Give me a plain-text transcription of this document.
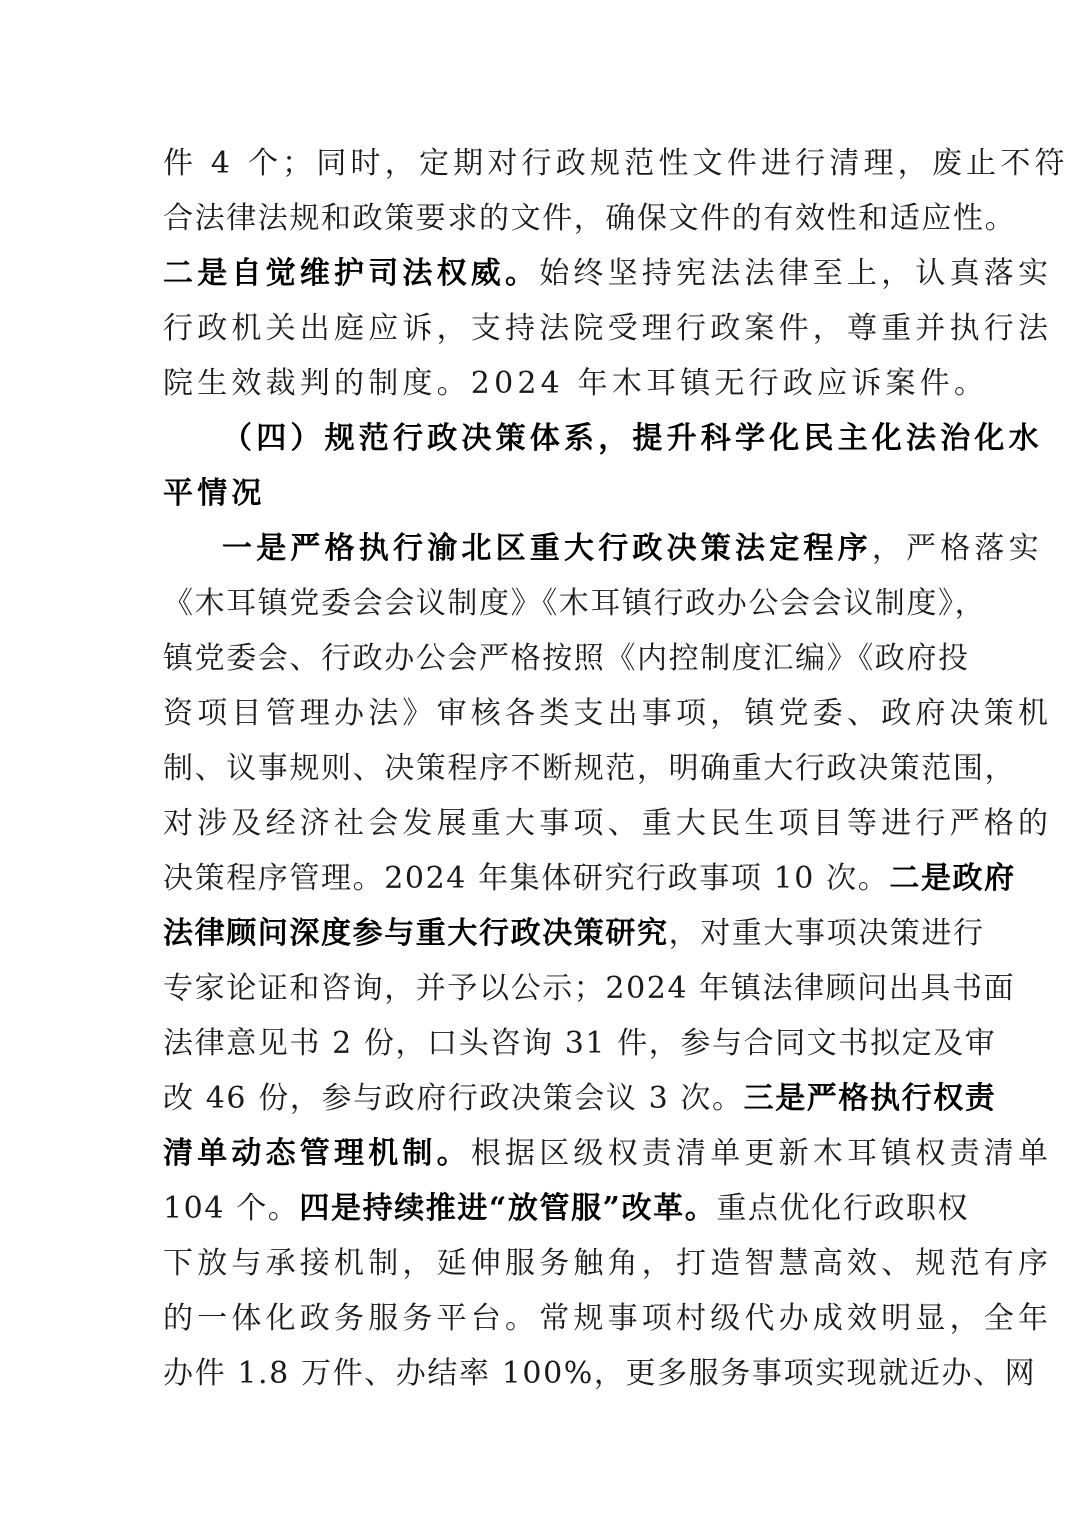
件 4 个；同时，定期对行政规范性文件进行清理，废止不符
合法律法规和政策要求的文件，确保文件的有效性和适应性。
二是自觉维护司法权威。始终坚持宪法法律至上，认真落实
行政机关出庭应诉，支持法院受理行政案件，尊重并执行法
院生效裁判的制度。2024 年木耳镇无行政应诉案件。
（四）规范行政决策体系，提升科学化民主化法治化水
平情况
一是严格执行渝北区重大行政决策法定程序，严格落实
《木耳镇党委会会议制度》《木耳镇行政办公会会议制度》，
镇党委会、行政办公会严格按照《内控制度汇编》《政府投
资项目管理办法》审核各类支出事项，镇党委、政府决策机
制、议事规则、决策程序不断规范，明确重大行政决策范围，
对涉及经济社会发展重大事项、重大民生项目等进行严格的
决策程序管理。2024 年集体研究行政事项 10 次。二是政府
法律顾问深度参与重大行政决策研究，对重大事项决策进行
专家论证和咨询，并予以公示；2024 年镇法律顾问出具书面
法律意见书 2 份，口头咨询 31 件，参与合同文书拟定及审
改 46 份，参与政府行政决策会议 3 次。三是严格执行权责
清单动态管理机制。根据区级权责清单更新木耳镇权责清单
104 个。四是持续推进“放管服”改革。重点优化行政职权
下放与承接机制，延伸服务触角，打造智慧高效、规范有序
的一体化政务服务平台。常规事项村级代办成效明显，全年
办件 1.8 万件、办结率 100%，更多服务事项实现就近办、网
